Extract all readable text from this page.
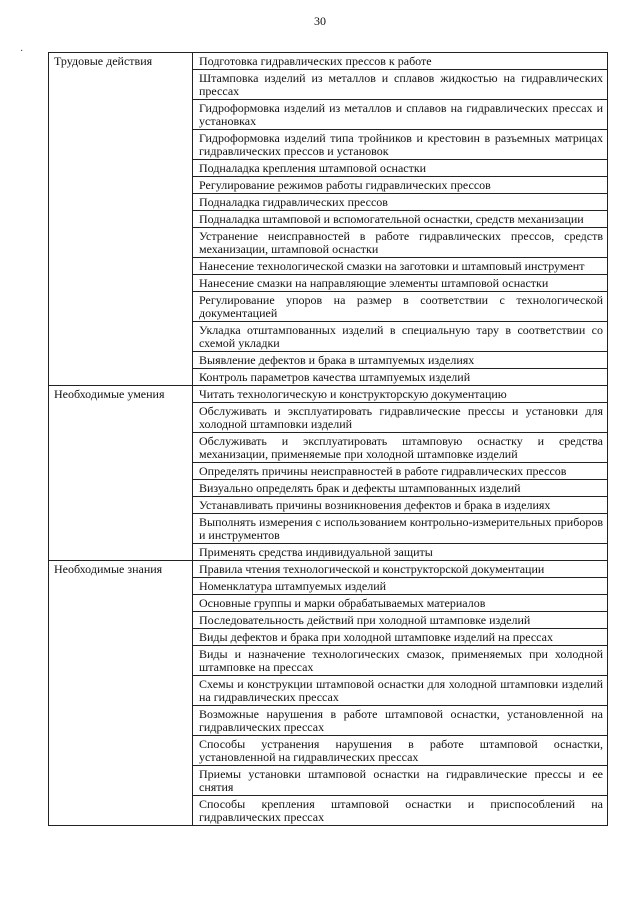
30
·
Трудовые действия	Подготовка гидравлических прессов к работе
	Штамповка изделий из металлов и сплавов жидкостью на гидравлических прессах
	Гидроформовка изделий из металлов и сплавов на гидравлических прессах и установках
	Гидроформовка изделий типа тройников и крестовин в разъемных матрицах гидравлических прессов и установок
	Подналадка крепления штамповой оснастки
	Регулирование режимов работы гидравлических прессов
	Подналадка гидравлических прессов
	Подналадка штамповой и вспомогательной оснастки, средств механизации
	Устранение неисправностей в работе гидравлических прессов, средств механизации, штамповой оснастки
	Нанесение технологической смазки на заготовки и штамповый инструмент
	Нанесение смазки на направляющие элементы штамповой оснастки
	Регулирование упоров на размер в соответствии с технологической документацией
	Укладка отштампованных изделий в специальную тару в соответствии со схемой укладки
	Выявление дефектов и брака в штампуемых изделиях
	Контроль параметров качества штампуемых изделий
Необходимые умения	Читать технологическую и конструкторскую документацию
	Обслуживать и эксплуатировать гидравлические прессы и установки для холодной штамповки изделий
	Обслуживать и эксплуатировать штамповую оснастку и средства механизации, применяемые при холодной штамповке изделий
	Определять причины неисправностей в работе гидравлических прессов
	Визуально определять брак и дефекты штампованных изделий
	Устанавливать причины возникновения дефектов и брака в изделиях
	Выполнять измерения с использованием контрольно-измерительных приборов и инструментов
	Применять средства индивидуальной защиты
Необходимые знания	Правила чтения технологической и конструкторской документации
	Номенклатура штампуемых изделий
	Основные группы и марки обрабатываемых материалов
	Последовательность действий при холодной штамповке изделий
	Виды дефектов и брака при холодной штамповке изделий на прессах
	Виды и назначение технологических смазок, применяемых при холодной штамповке на прессах
	Схемы и конструкции штамповой оснастки для холодной штамповки изделий на гидравлических прессах
	Возможные нарушения в работе штамповой оснастки, установленной на гидравлических прессах
	Способы устранения нарушения в работе штамповой оснастки, установленной на гидравлических прессах
	Приемы установки штамповой оснастки на гидравлические прессы и ее снятия
	Способы крепления штамповой оснастки и приспособлений на гидравлических прессах
